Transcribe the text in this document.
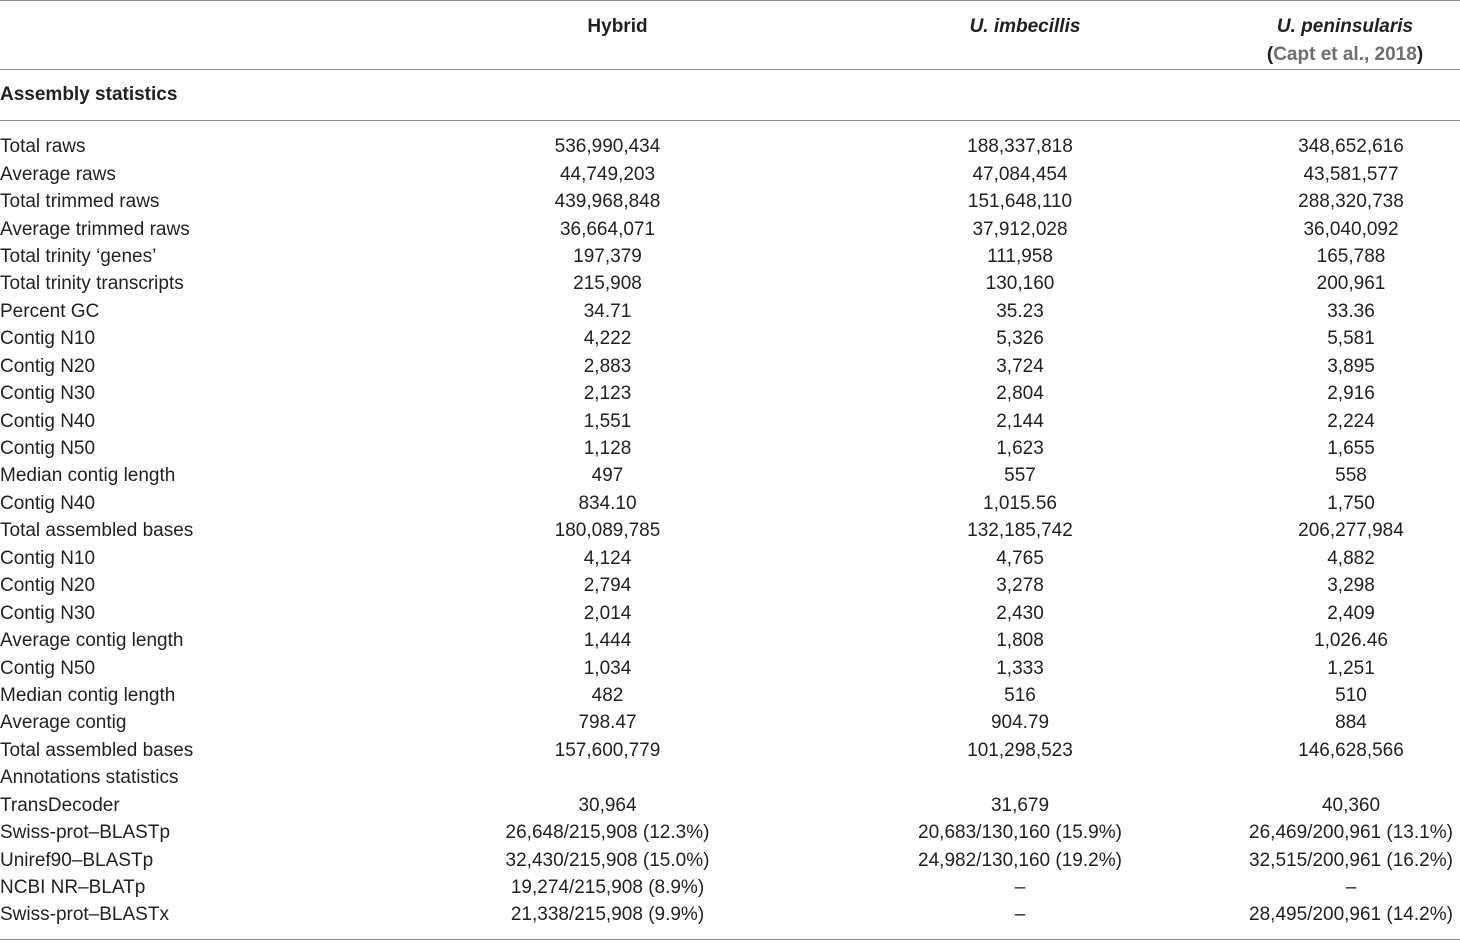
	Hybrid	U. imbecillis	U. peninsularis
(Capt et al., 2018)

Assembly statistics			

Total raws	536,990,434	188,337,818	348,652,616
Average raws	44,749,203	47,084,454	43,581,577
Total trimmed raws	439,968,848	151,648,110	288,320,738
Average trimmed raws	36,664,071	37,912,028	36,040,092
Total trinity ‘genes’	197,379	111,958	165,788
Total trinity transcripts	215,908	130,160	200,961
Percent GC	34.71	35.23	33.36
Contig N10	4,222	5,326	5,581
Contig N20	2,883	3,724	3,895
Contig N30	2,123	2,804	2,916
Contig N40	1,551	2,144	2,224
Contig N50	1,128	1,623	1,655
Median contig length	497	557	558
Contig N40	834.10	1,015.56	1,750
Total assembled bases	180,089,785	132,185,742	206,277,984
Contig N10	4,124	4,765	4,882
Contig N20	2,794	3,278	3,298
Contig N30	2,014	2,430	2,409
Average contig length	1,444	1,808	1,026.46
Contig N50	1,034	1,333	1,251
Median contig length	482	516	510
Average contig	798.47	904.79	884
Total assembled bases	157,600,779	101,298,523	146,628,566
Annotations statistics			
TransDecoder	30,964	31,679	40,360
Swiss-prot–BLASTp	26,648/215,908 (12.3%)	20,683/130,160 (15.9%)	26,469/200,961 (13.1%)
Uniref90–BLASTp	32,430/215,908 (15.0%)	24,982/130,160 (19.2%)	32,515/200,961 (16.2%)
NCBI NR–BLATp	19,274/215,908 (8.9%)	–	–
Swiss-prot–BLASTx	21,338/215,908 (9.9%)	–	28,495/200,961 (14.2%)
